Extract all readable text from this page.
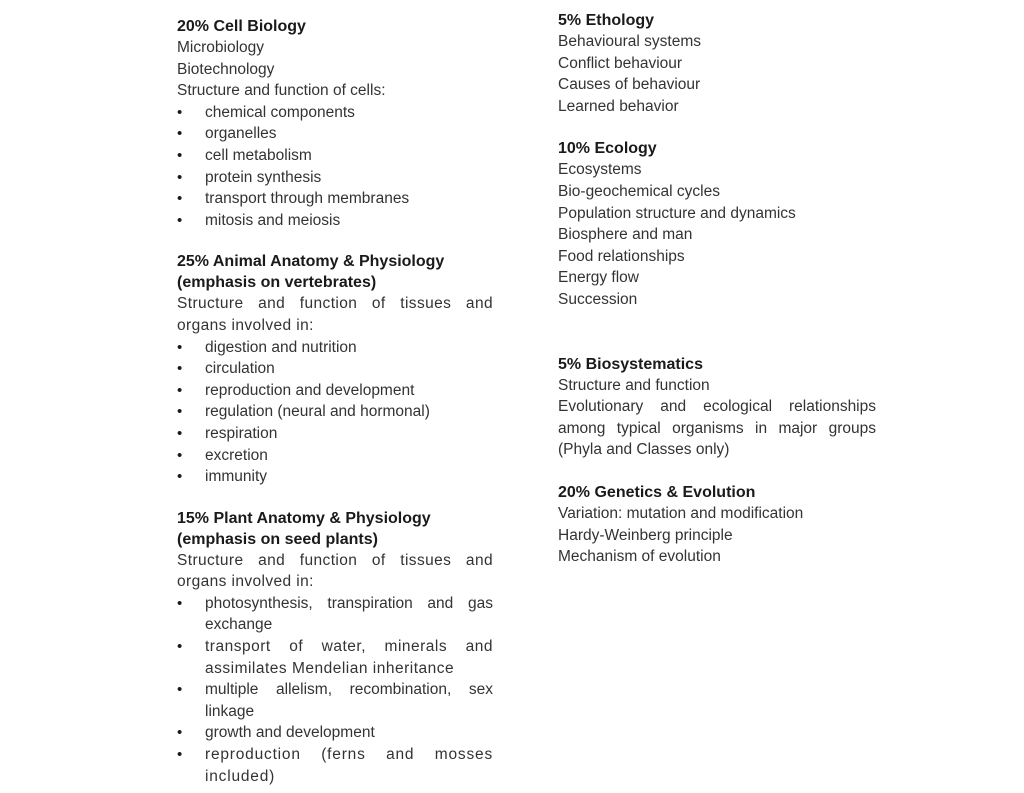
20% Cell Biology

Microbiology

Biotechnology

Structure and function of cells:

•	chemical components
•	organelles
•	cell metabolism
•	protein synthesis
•	transport through membranes
•	mitosis and meiosis

25% Animal Anatomy & Physiology (emphasis on vertebrates)

Structure and function of tissues and organs involved in:

•	digestion and nutrition
•	circulation
•	reproduction and development
•	regulation (neural and hormonal)
•	respiration
•	excretion
•	immunity

15% Plant Anatomy & Physiology (emphasis on seed plants)

Structure and function of tissues and organs involved in:

•	photosynthesis, transpiration and gas exchange
•	transport of water, minerals and assimilates Mendelian inheritance
•	multiple allelism, recombination, sex linkage
•	growth and development
•	reproduction (ferns and mosses included)

5% Ethology

Behavioural systems

Conflict behaviour

Causes of behaviour

Learned behavior

10% Ecology

Ecosystems

Bio-geochemical cycles

Population structure and dynamics

Biosphere and man

Food relationships

Energy flow

Succession

5% Biosystematics

Structure and function

Evolutionary and ecological relationships among typical organisms in major groups (Phyla and Classes only)

20% Genetics & Evolution

Variation: mutation and modification

Hardy-Weinberg principle

Mechanism of evolution
